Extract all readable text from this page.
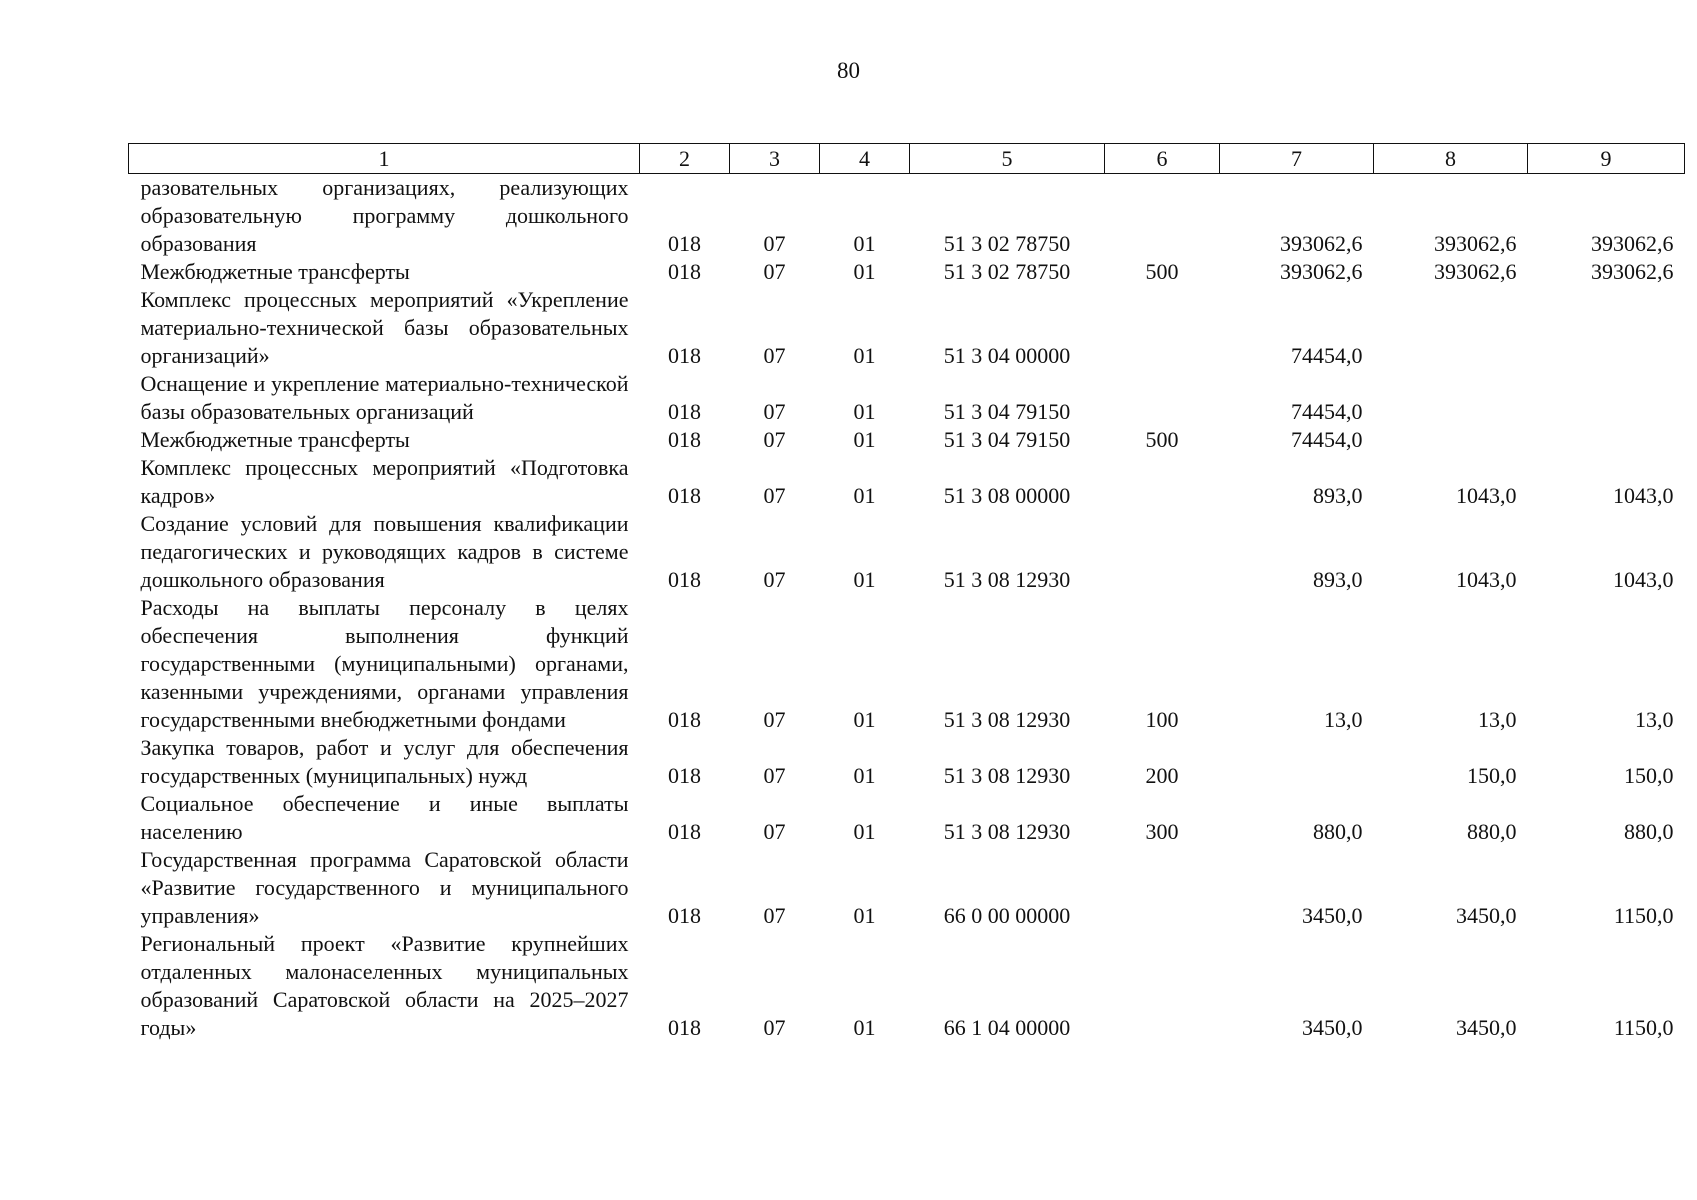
80
1	2	3	4	5	6	7	8	9
разовательных организациях, реализующих образовательную программу дошкольного образования	018	07	01	51 3 02 78750		393062,6	393062,6	393062,6
Межбюджетные трансферты	018	07	01	51 3 02 78750	500	393062,6	393062,6	393062,6
Комплекс процессных мероприятий «Укрепление материально-технической базы образовательных организаций»	018	07	01	51 3 04 00000		74454,0		
Оснащение и укрепление материально-технической базы образовательных организаций	018	07	01	51 3 04 79150		74454,0		
Межбюджетные трансферты	018	07	01	51 3 04 79150	500	74454,0		
Комплекс процессных мероприятий «Подготовка кадров»	018	07	01	51 3 08 00000		893,0	1043,0	1043,0
Создание условий для повышения квалификации педагогических и руководящих кадров в системе дошкольного образования	018	07	01	51 3 08 12930		893,0	1043,0	1043,0
Расходы на выплаты персоналу в целях обеспечения выполнения функций государственными (муниципальными) органами, казенными учреждениями, органами управления государственными внебюджетными фондами	018	07	01	51 3 08 12930	100	13,0	13,0	13,0
Закупка товаров, работ и услуг для обеспечения государственных (муниципальных) нужд	018	07	01	51 3 08 12930	200		150,0	150,0
Социальное обеспечение и иные выплаты населению	018	07	01	51 3 08 12930	300	880,0	880,0	880,0
Государственная программа Саратовской области «Развитие государственного и муниципального управления»	018	07	01	66 0 00 00000		3450,0	3450,0	1150,0
Региональный проект «Развитие крупнейших отдаленных малонаселенных муниципальных образований Саратовской области на 2025–2027 годы»	018	07	01	66 1 04 00000		3450,0	3450,0	1150,0
